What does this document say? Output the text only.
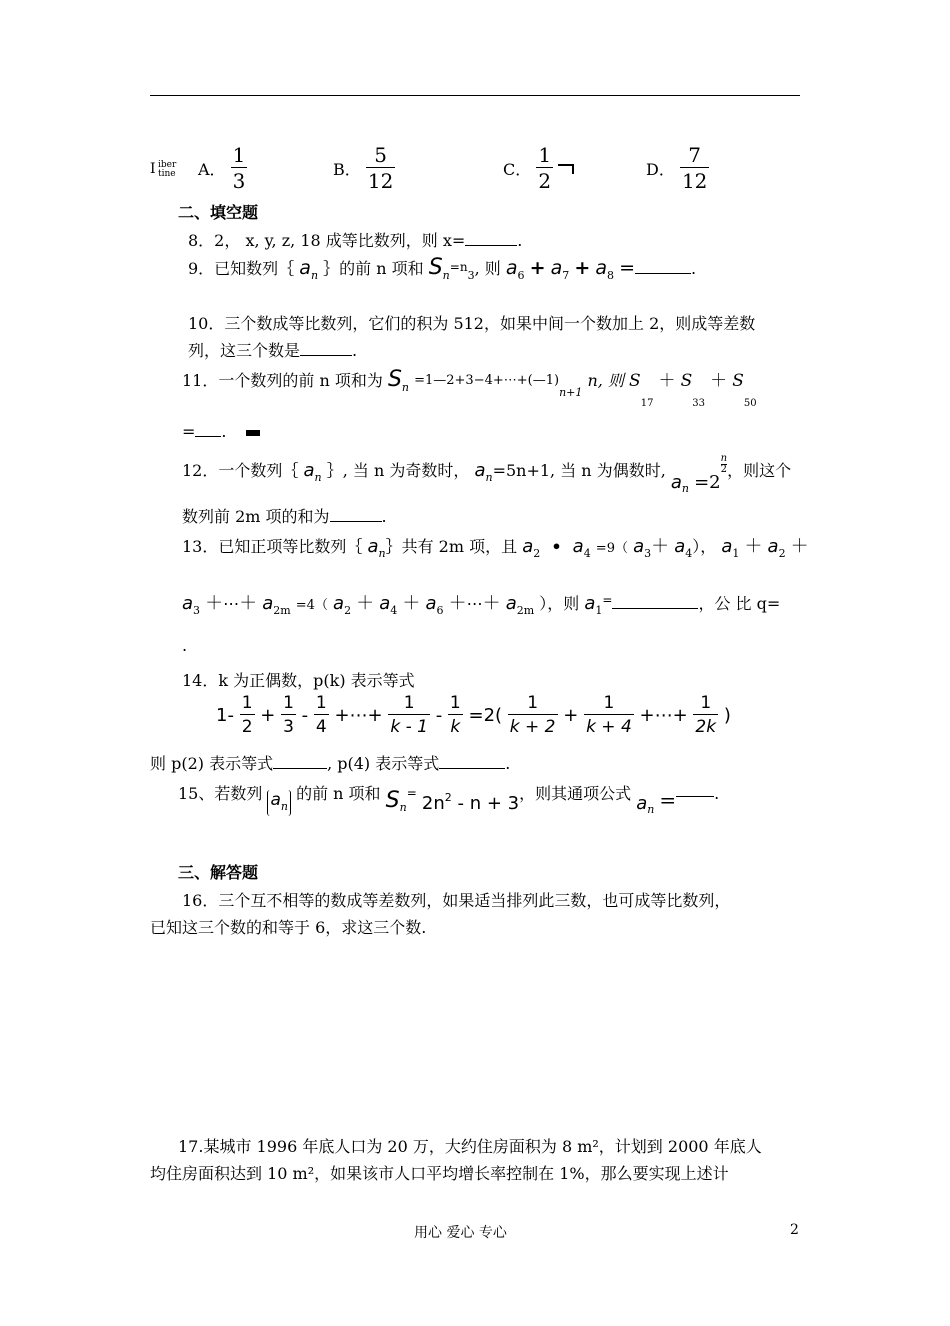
I iber
tine A． $\frac{1}{3}$	B． $\frac{5}{12}$	C． $\frac{1}{2}$
	D． $\frac{7}{12}$
二、填空题
8．2， x, y, z, 18 成等比数列，则 x=	.
9．已知数列｛ $a_n$ ｝的前 n 项和 $S_n=n_3$, 则 $a_6 + a_7 + a_8$ =	.
10．三个数成等比数列，它们的积为 512，如果中间一个数加上 2，则成等差数
列，这三个数是	.
11．一个数列的前 n 项和为 $S_n$ $=1—2+3-4+\cdots+(—1)_{n+1}$ n, 则 $S_{17} + S_{33} + S_{50}$
= .
12．一个数列｛ $a_n$ ｝, 当 n 为奇数时， $a_n=5n+1$, 当 n 为偶数时, $a_n =2$
$\frac{n}{2}$ ，则这个
数列前 2m 项的和为	.
13．已知正项等比数列｛ $a_n\}$共有 2m 项，且 $a_2$ • $a_4 =9$（ $a_3+ a_4$）， $a_1 + a_2$ ＋
$a_3$ ＋⋯＋ $a_{2m} =4$（ $a_2 + a_4 + a_6$ ＋⋯＋ $a_{2m}$ ），则 $a_1^=$	，公 比 q=
.
14．k 为正偶数，p(k) 表示等式
$1- \frac{1}{2} + \frac{1}{3} - \frac{1}{4}$ +⋯+ $\frac{1}{k - 1} - \frac{1}{k} =2( \frac{1}{k + 2} + \frac{1}{k + 4}$ +⋯+ $\frac{1}{2k}$ )
则 p(2) 表示等式	, p(4) 表示等式	.
15、若数列 $a_n$ 的前 n 项和 $S_n= 2n^2 - n + 3$，则其通项公式 $a_n$ = .
三、解答题
16．三个互不相等的数成等差数列，如果适当排列此三数，也可成等比数列，
已知这三个数的和等于 6，求这三个数.
17.某城市 1996 年底人口为 20 万，大约住房面积为 8 m²，计划到 2000 年底人
均住房面积达到 10 m²，如果该市人口平均增长率控制在 1%，那么要实现上述计
用心 爱心 专心	2
